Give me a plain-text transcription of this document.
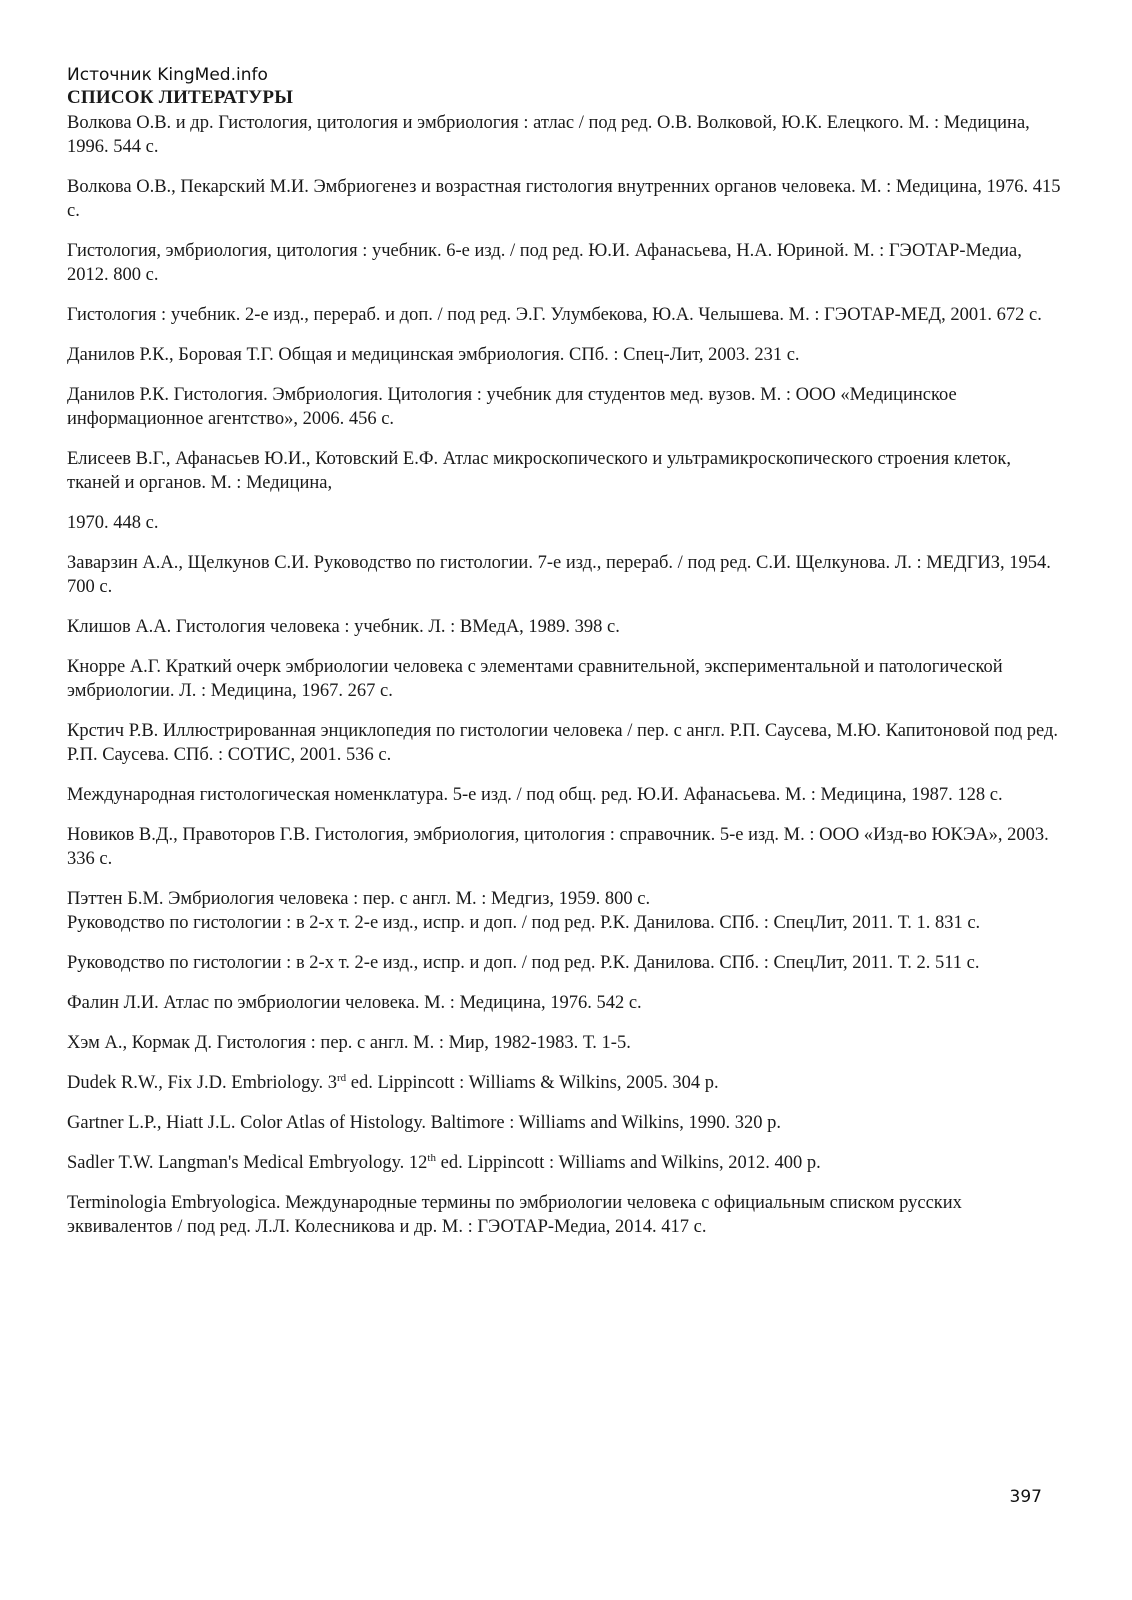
Источник KingMed.info
СПИСОК ЛИТЕРАТУРЫ
Волкова О.В. и др. Гистология, цитология и эмбриология : атлас / под ред. О.В. Волковой, Ю.К. Елецкого. М. : Медицина, 1996. 544 с.
Волкова О.В., Пекарский М.И. Эмбриогенез и возрастная гистология внутренних органов человека. М. : Медицина, 1976. 415 с.
Гистология, эмбриология, цитология : учебник. 6-е изд. / под ред. Ю.И. Афанасьева, Н.А. Юриной. М. : ГЭОТАР-Медиа, 2012. 800 с.
Гистология : учебник. 2-е изд., перераб. и доп. / под ред. Э.Г. Улумбекова, Ю.А. Челышева. М. : ГЭОТАР-МЕД, 2001. 672 с.
Данилов Р.К., Боровая Т.Г. Общая и медицинская эмбриология. СПб. : Спец-Лит, 2003. 231 с.
Данилов Р.К. Гистология. Эмбриология. Цитология : учебник для студентов мед. вузов. М. : ООО «Медицинское информационное агентство», 2006. 456 с.
Елисеев В.Г., Афанасьев Ю.И., Котовский Е.Ф. Атлас микроскопического и ультрамикроскопического строения клеток, тканей и органов. М. : Медицина,
1970. 448 с.
Заварзин А.А., Щелкунов С.И. Руководство по гистологии. 7-е изд., перераб. / под ред. С.И. Щелкунова. Л. : МЕДГИЗ, 1954. 700 с.
Клишов А.А. Гистология человека : учебник. Л. : ВМедА, 1989. 398 с.
Кнорре А.Г. Краткий очерк эмбриологии человека с элементами сравнительной, экспериментальной и патологической эмбриологии. Л. : Медицина, 1967. 267 с.
Крстич Р.В. Иллюстрированная энциклопедия по гистологии человека / пер. с англ. Р.П. Саусева, М.Ю. Капитоновой под ред. Р.П. Саусева. СПб. : СОТИС, 2001. 536 с.
Международная гистологическая номенклатура. 5-е изд. / под общ. ред. Ю.И. Афанасьева. М. : Медицина, 1987. 128 с.
Новиков В.Д., Правоторов Г.В. Гистология, эмбриология, цитология : справочник. 5-е изд. М. : ООО «Изд-во ЮКЭА», 2003. 336 с.
Пэттен Б.М. Эмбриология человека : пер. с англ. М. : Медгиз, 1959. 800 с.
Руководство по гистологии : в 2-х т. 2-е изд., испр. и доп. / под ред. Р.К. Данилова. СПб. : СпецЛит, 2011. Т. 1. 831 с.
Руководство по гистологии : в 2-х т. 2-е изд., испр. и доп. / под ред. Р.К. Данилова. СПб. : СпецЛит, 2011. Т. 2. 511 с.
Фалин Л.И. Атлас по эмбриологии человека. М. : Медицина, 1976. 542 с.
Хэм А., Кормак Д. Гистология : пер. с англ. М. : Мир, 1982-1983. Т. 1-5.
Dudek R.W., Fix J.D. Embriology. 3rd ed. Lippincott : Williams & Wilkins, 2005. 304 p.
Gartner L.P., Hiatt J.L. Color Atlas of Histology. Baltimore : Williams and Wilkins, 1990. 320 p.
Sadler T.W. Langman's Medical Embryology. 12th ed. Lippincott : Williams and Wilkins, 2012. 400 p.
Terminologia Embryologica. Международные термины по эмбриологии человека с официальным списком русских эквивалентов / под ред. Л.Л. Колесникова и др. М. : ГЭОТАР-Медиа, 2014. 417 с.
397
